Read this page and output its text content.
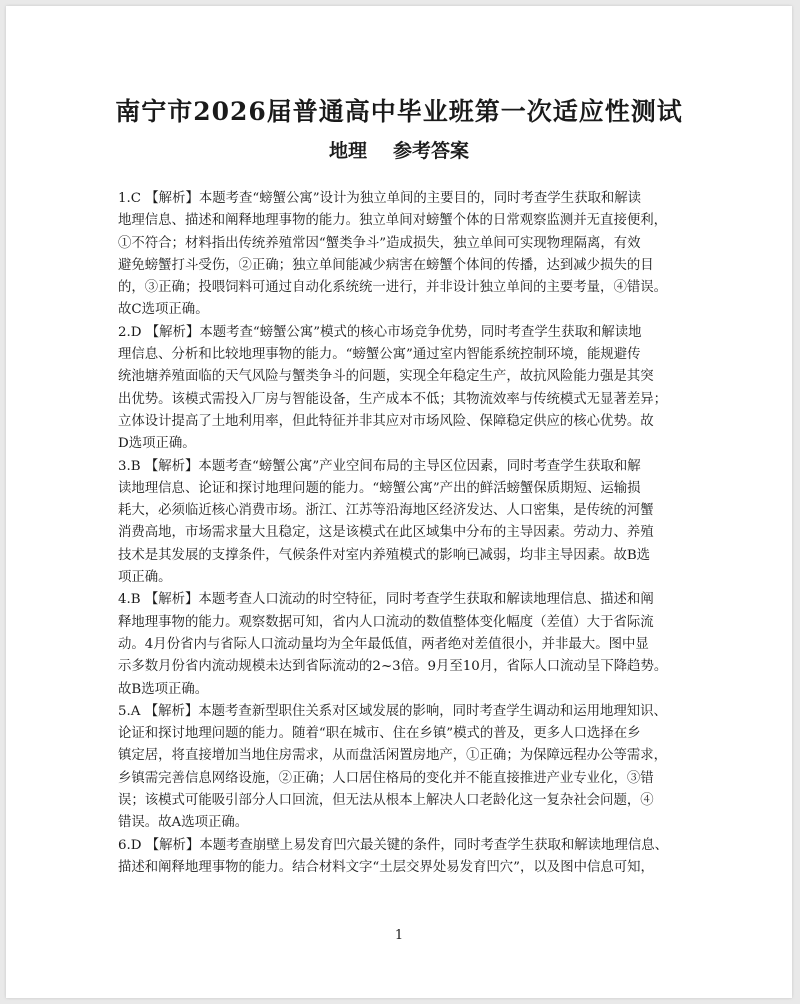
南宁市2026届普通高中毕业班第一次适应性测试
地理 参考答案
1.C 【解析】本题考查“螃蟹公寓”设计为独立单间的主要目的，同时考查学生获取和解读
地理信息、描述和阐释地理事物的能力。独立单间对螃蟹个体的日常观察监测并无直接便利，
①不符合；材料指出传统养殖常因“蟹类争斗”造成损失，独立单间可实现物理隔离，有效
避免螃蟹打斗受伤，②正确；独立单间能减少病害在螃蟹个体间的传播，达到减少损失的目
的，③正确；投喂饲料可通过自动化系统统一进行，并非设计独立单间的主要考量，④错误。
故C选项正确。
2.D 【解析】本题考查“螃蟹公寓”模式的核心市场竞争优势，同时考查学生获取和解读地
理信息、分析和比较地理事物的能力。“螃蟹公寓”通过室内智能系统控制环境，能规避传
统池塘养殖面临的天气风险与蟹类争斗的问题，实现全年稳定生产，故抗风险能力强是其突
出优势。该模式需投入厂房与智能设备，生产成本不低；其物流效率与传统模式无显著差异；
立体设计提高了土地利用率，但此特征并非其应对市场风险、保障稳定供应的核心优势。故
D选项正确。
3.B 【解析】本题考查“螃蟹公寓”产业空间布局的主导区位因素，同时考查学生获取和解
读地理信息、论证和探讨地理问题的能力。“螃蟹公寓”产出的鲜活螃蟹保质期短、运输损
耗大，必须临近核心消费市场。浙江、江苏等沿海地区经济发达、人口密集，是传统的河蟹
消费高地，市场需求量大且稳定，这是该模式在此区域集中分布的主导因素。劳动力、养殖
技术是其发展的支撑条件，气候条件对室内养殖模式的影响已减弱，均非主导因素。故B选
项正确。
4.B 【解析】本题考查人口流动的时空特征，同时考查学生获取和解读地理信息、描述和阐
释地理事物的能力。观察数据可知，省内人口流动的数值整体变化幅度（差值）大于省际流
动。4月份省内与省际人口流动量均为全年最低值，两者绝对差值很小，并非最大。图中显
示多数月份省内流动规模未达到省际流动的2~3倍。9月至10月，省际人口流动呈下降趋势。
故B选项正确。
5.A 【解析】本题考查新型职住关系对区域发展的影响，同时考查学生调动和运用地理知识、
论证和探讨地理问题的能力。随着“职在城市、住在乡镇”模式的普及，更多人口选择在乡
镇定居，将直接增加当地住房需求，从而盘活闲置房地产，①正确；为保障远程办公等需求，
乡镇需完善信息网络设施，②正确；人口居住格局的变化并不能直接推进产业专业化，③错
误；该模式可能吸引部分人口回流，但无法从根本上解决人口老龄化这一复杂社会问题，④
错误。故A选项正确。
6.D 【解析】本题考查崩壁上易发育凹穴最关键的条件，同时考查学生获取和解读地理信息、
描述和阐释地理事物的能力。结合材料文字“土层交界处易发育凹穴”，以及图中信息可知，
1
